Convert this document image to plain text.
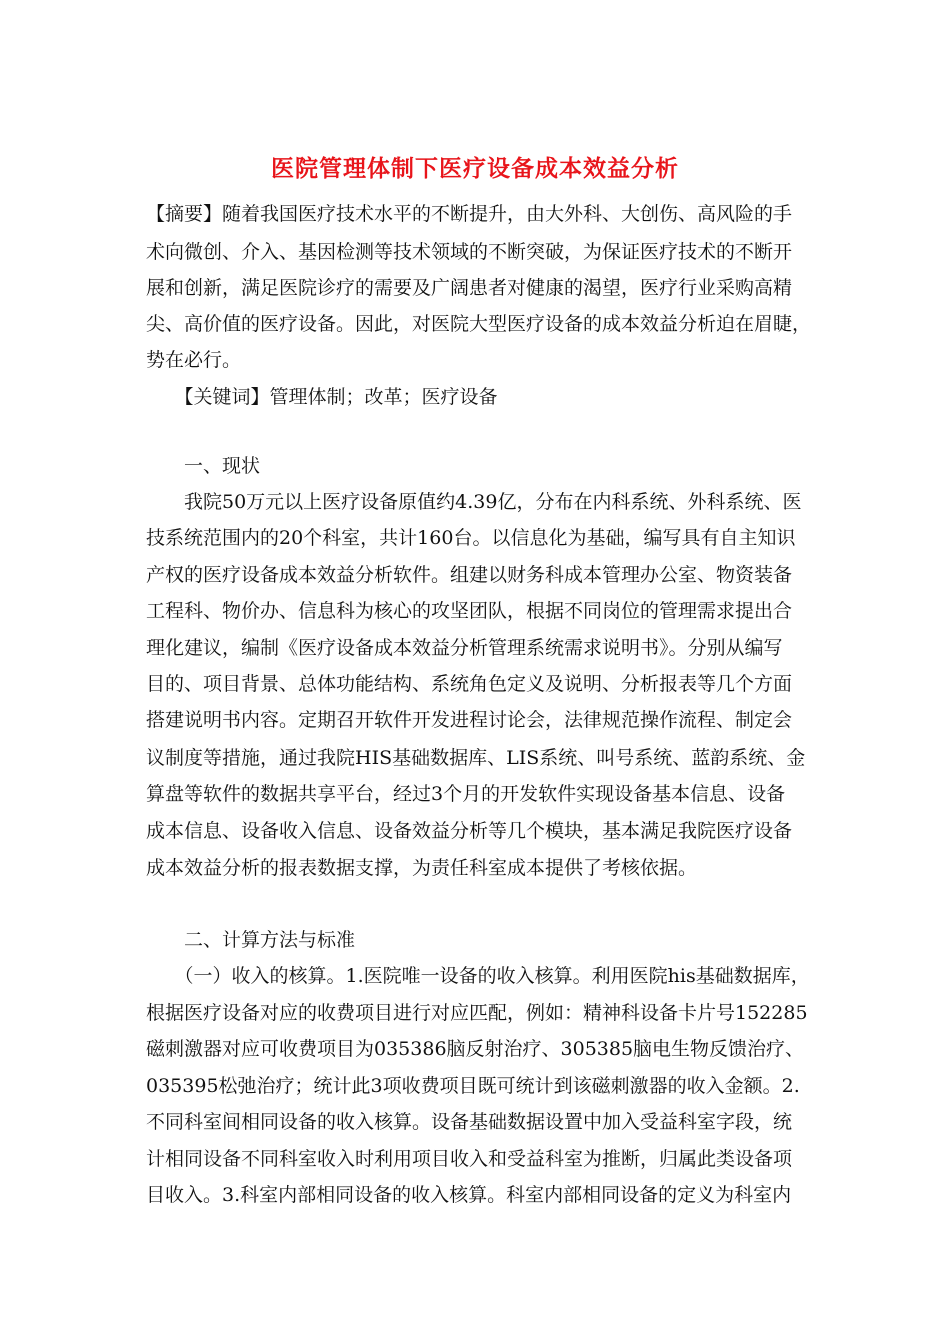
医院管理体制下医疗设备成本效益分析

【摘要】随着我国医疗技术水平的不断提升，由大外科、大创伤、高风险的手

术向微创、介入、基因检测等技术领域的不断突破，为保证医疗技术的不断开

展和创新，满足医院诊疗的需要及广阔患者对健康的渴望，医疗行业采购高精

尖、高价值的医疗设备。因此，对医院大型医疗设备的成本效益分析迫在眉睫，

势在必行。

　　【关键词】管理体制；改革；医疗设备

　　一、现状

　　我院50万元以上医疗设备原值约4.39亿，分布在内科系统、外科系统、医

技系统范围内的20个科室，共计160台。以信息化为基础，编写具有自主知识

产权的医疗设备成本效益分析软件。组建以财务科成本管理办公室、物资装备

工程科、物价办、信息科为核心的攻坚团队，根据不同岗位的管理需求提出合

理化建议，编制《医疗设备成本效益分析管理系统需求说明书》。分别从编写

目的、项目背景、总体功能结构、系统角色定义及说明、分析报表等几个方面

搭建说明书内容。定期召开软件开发进程讨论会，法律规范操作流程、制定会

议制度等措施，通过我院HIS基础数据库、LIS系统、叫号系统、蓝韵系统、金

算盘等软件的数据共享平台，经过3个月的开发软件实现设备基本信息、设备

成本信息、设备收入信息、设备效益分析等几个模块，基本满足我院医疗设备

成本效益分析的报表数据支撑，为责任科室成本提供了考核依据。

　　二、计算方法与标准

　　（一）收入的核算。1.医院唯一设备的收入核算。利用医院his基础数据库，

根据医疗设备对应的收费项目进行对应匹配，例如：精神科设备卡片号152285

磁刺激器对应可收费项目为035386脑反射治疗、305385脑电生物反馈治疗、

035395松弛治疗；统计此3项收费项目既可统计到该磁刺激器的收入金额。2.

不同科室间相同设备的收入核算。设备基础数据设置中加入受益科室字段，统

计相同设备不同科室收入时利用项目收入和受益科室为推断，归属此类设备项

目收入。3.科室内部相同设备的收入核算。科室内部相同设备的定义为科室内
